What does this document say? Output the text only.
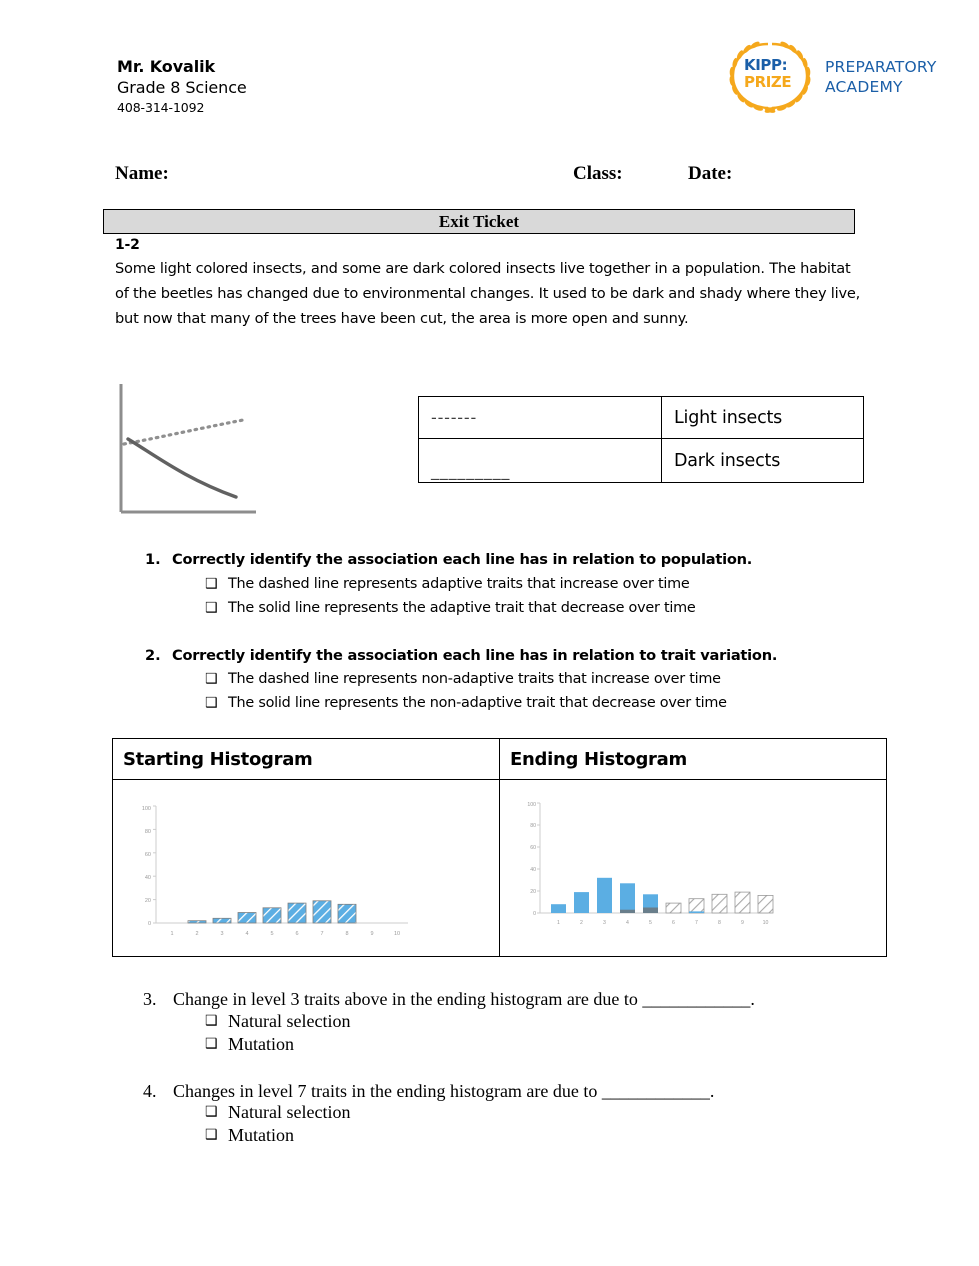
Mr. Kovalik
Grade 8 Science
408-314-1092
KIPP:
PRIZE
PREPARATORY
ACADEMY
Name:	Class:	Date:
Exit Ticket
1-2
Some light colored insects, and some are dark colored insects live together in a population. The habitat of the beetles has changed due to environmental changes. It used to be dark and shady where they live, but now that many of the trees have been cut, the area is more open and sunny.
-------	Light insects
_________	Dark insects
1. Correctly identify the association each line has in relation to population.
❑ The dashed line represents adaptive traits that increase over time
❑ The solid line represents the adaptive trait that decrease over time
2. Correctly identify the association each line has in relation to trait variation.
❑ The dashed line represents non-adaptive traits that increase over time
❑ The solid line represents the non-adaptive trait that decrease over time
Starting Histogram	Ending Histogram

0
20
40
60
80
100
1	2	3	4	5	6	7	8	9	10

0
20
40
60
80
100
1	2	3	4	5	6	7	8	9	10
3. Change in level 3 traits above in the ending histogram are due to ____________.
❑ Natural selection
❑ Mutation
4. Changes in level 7 traits in the ending histogram are due to ____________.
❑ Natural selection
❑ Mutation
